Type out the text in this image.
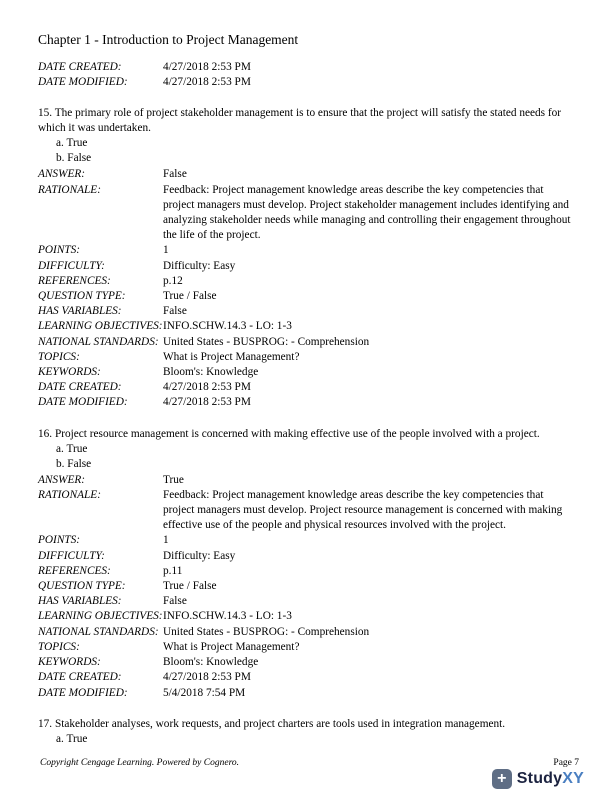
Chapter 1 - Introduction to Project Management
DATE CREATED:	4/27/2018 2:53 PM
DATE MODIFIED:	4/27/2018 2:53 PM
15. The primary role of project stakeholder management is to ensure that the project will satisfy the stated needs for which it was undertaken.
a. True
b. False
ANSWER:	False
RATIONALE:	Feedback: Project management knowledge areas describe the key competencies that project managers must develop. Project stakeholder management includes identifying and analyzing stakeholder needs while managing and controlling their engagement throughout the life of the project.
POINTS:	1
DIFFICULTY:	Difficulty: Easy
REFERENCES:	p.12
QUESTION TYPE:	True / False
HAS VARIABLES:	False
LEARNING OBJECTIVES: INFO.SCHW.14.3 - LO: 1-3
NATIONAL STANDARDS: United States - BUSPROG: - Comprehension
TOPICS:	What is Project Management?
KEYWORDS:	Bloom's: Knowledge
DATE CREATED:	4/27/2018 2:53 PM
DATE MODIFIED:	4/27/2018 2:53 PM
16. Project resource management is concerned with making effective use of the people involved with a project.
a. True
b. False
ANSWER:	True
RATIONALE:	Feedback: Project management knowledge areas describe the key competencies that project managers must develop. Project resource management is concerned with making effective use of the people and physical resources involved with the project.
POINTS:	1
DIFFICULTY:	Difficulty: Easy
REFERENCES:	p.11
QUESTION TYPE:	True / False
HAS VARIABLES:	False
LEARNING OBJECTIVES: INFO.SCHW.14.3 - LO: 1-3
NATIONAL STANDARDS: United States - BUSPROG: - Comprehension
TOPICS:	What is Project Management?
KEYWORDS:	Bloom's: Knowledge
DATE CREATED:	4/27/2018 2:53 PM
DATE MODIFIED:	5/4/2018 7:54 PM
17. Stakeholder analyses, work requests, and project charters are tools used in integration management.
a. True
Copyright Cengage Learning. Powered by Cognero.	Page 7
+ StudyXY
